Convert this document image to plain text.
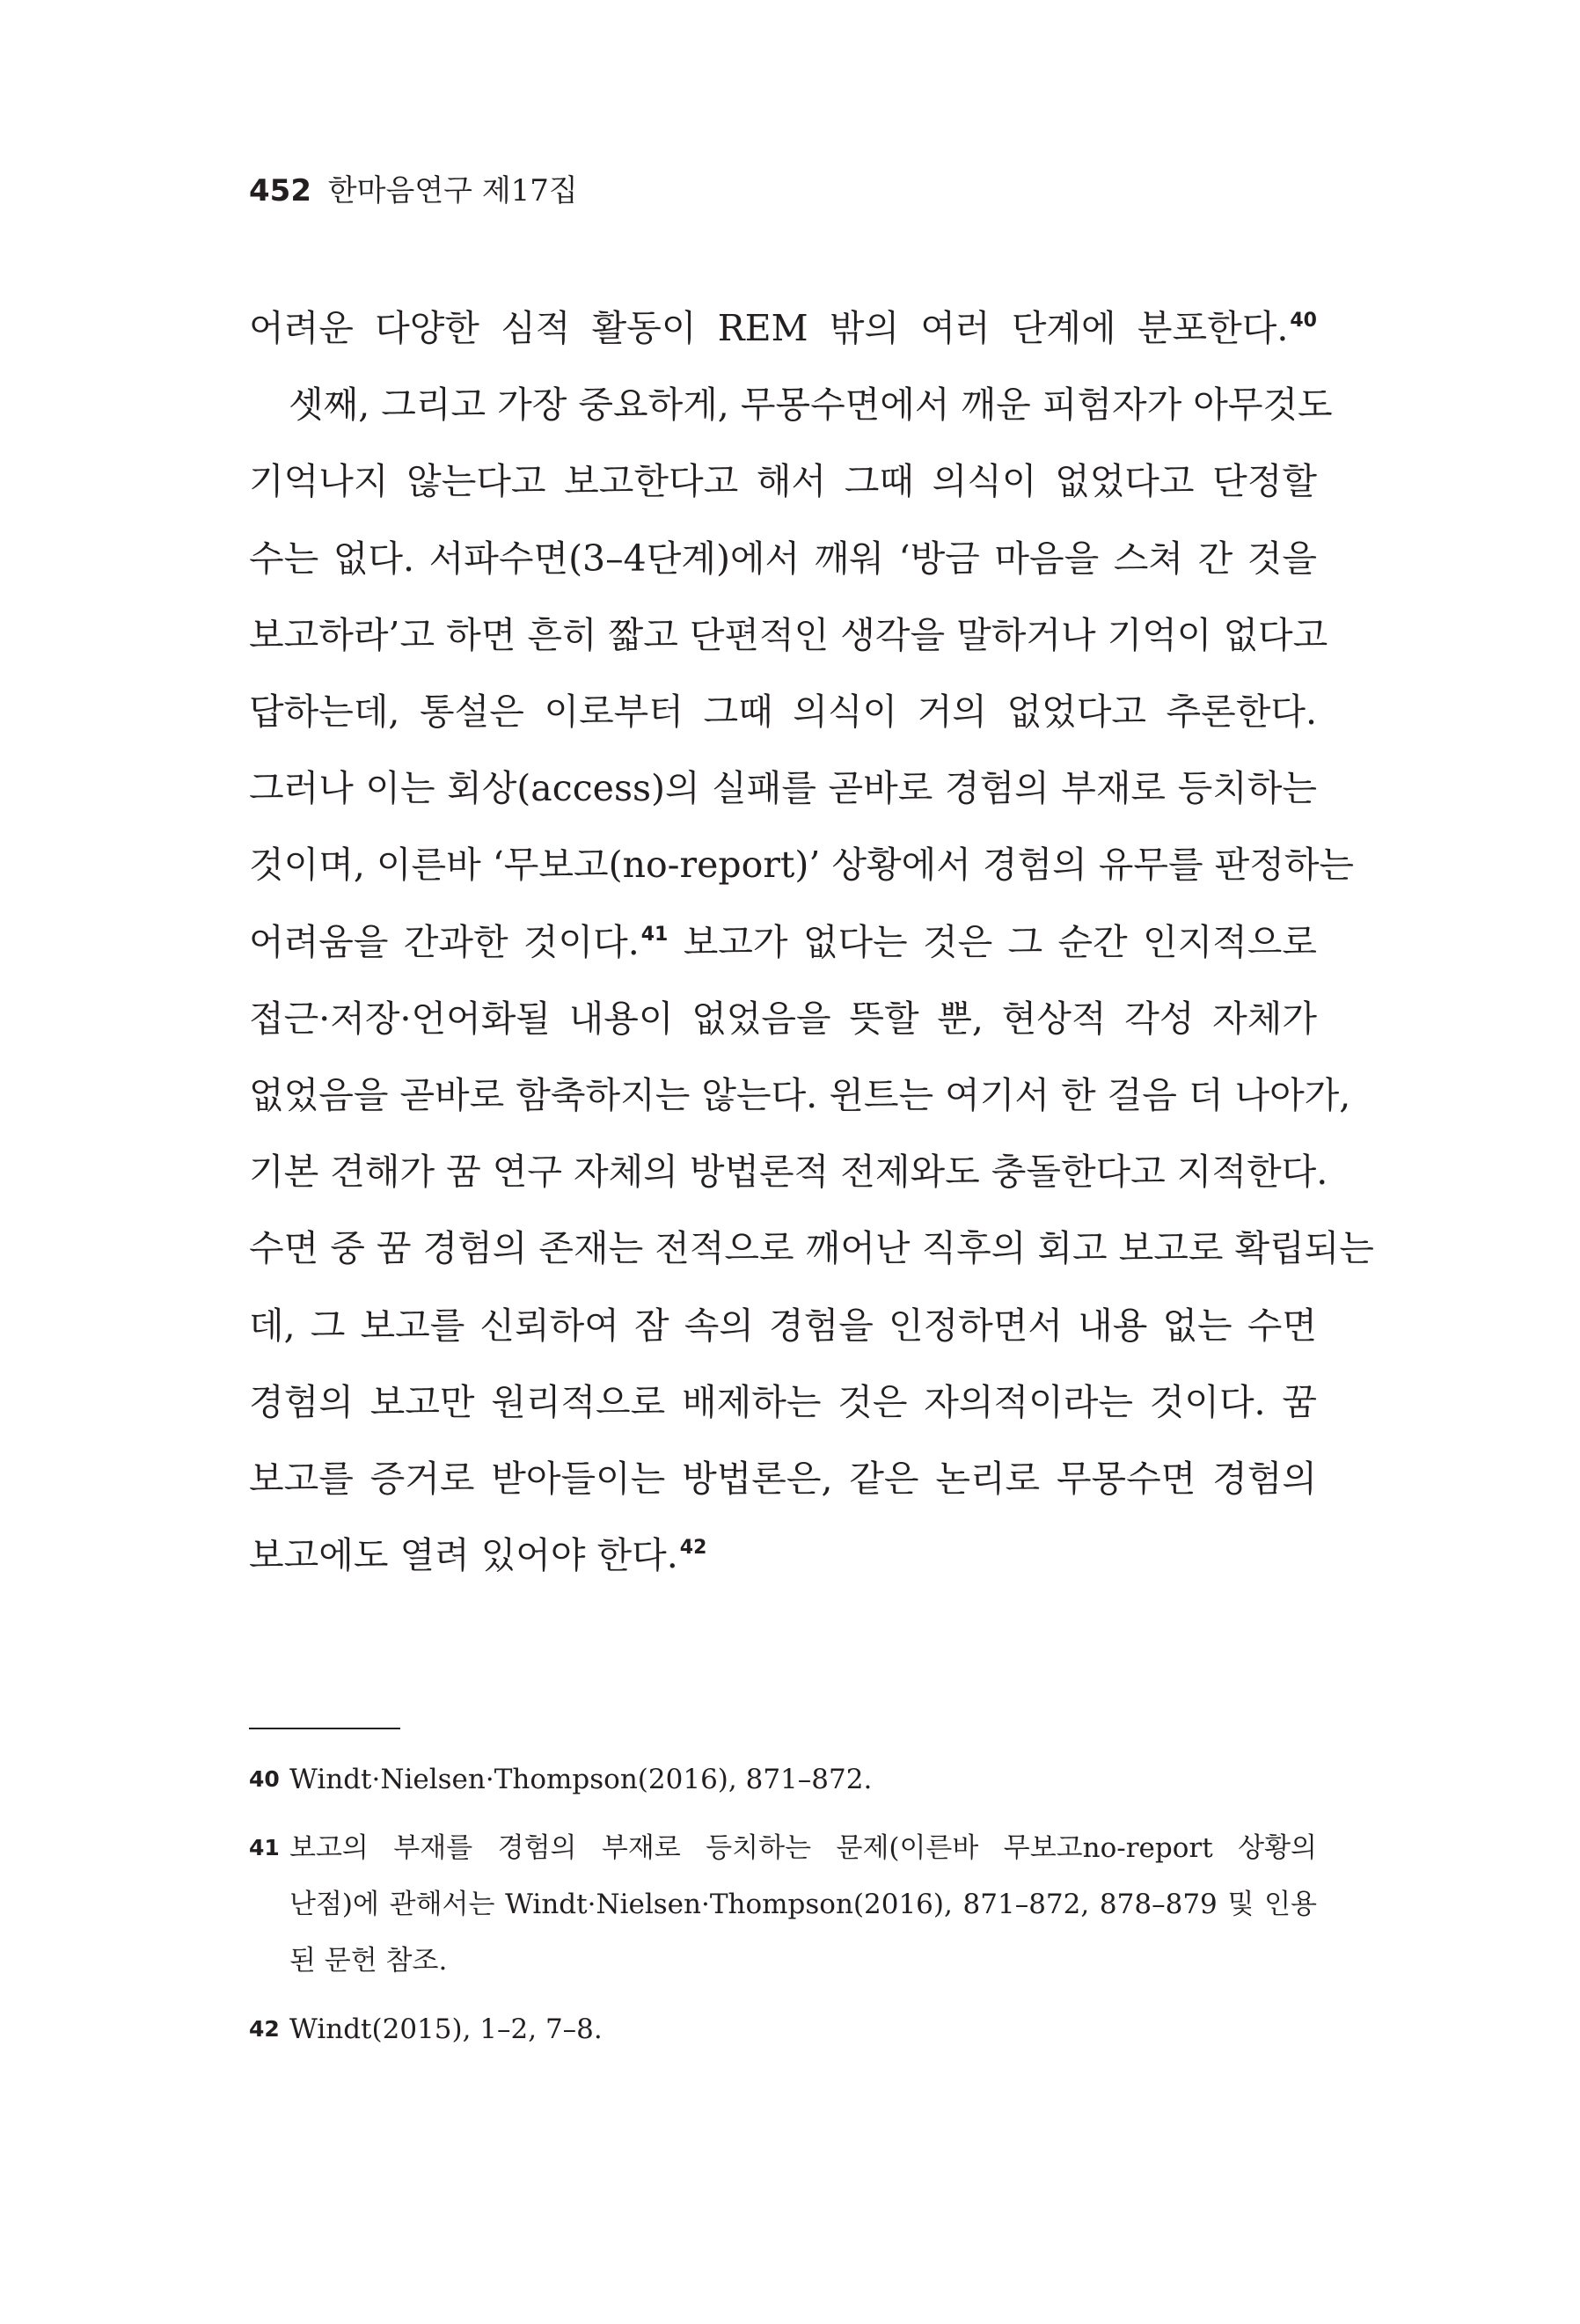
452 한마음연구 제17집
어려운 다양한 심적 활동이 REM 밖의 여러 단계에 분포한다.$^{40}$
셋째, 그리고 가장 중요하게, 무몽수면에서 깨운 피험자가 아무것도
기억나지 않는다고 보고한다고 해서 그때 의식이 없었다고 단정할
수는 없다. 서파수면(3–4단계)에서 깨워 ‘방금 마음을 스쳐 간 것을
보고하라’고 하면 흔히 짧고 단편적인 생각을 말하거나 기억이 없다고
답하는데, 통설은 이로부터 그때 의식이 거의 없었다고 추론한다.
그러나 이는 회상(access)의 실패를 곧바로 경험의 부재로 등치하는
것이며, 이른바 ‘무보고(no-report)’ 상황에서 경험의 유무를 판정하는
어려움을 간과한 것이다.$^{41}$ 보고가 없다는 것은 그 순간 인지적으로
접근·저장·언어화될 내용이 없었음을 뜻할 뿐, 현상적 각성 자체가
없었음을 곧바로 함축하지는 않는다. 윈트는 여기서 한 걸음 더 나아가,
기본 견해가 꿈 연구 자체의 방법론적 전제와도 충돌한다고 지적한다.
수면 중 꿈 경험의 존재는 전적으로 깨어난 직후의 회고 보고로 확립되는
데, 그 보고를 신뢰하여 잠 속의 경험을 인정하면서 내용 없는 수면
경험의 보고만 원리적으로 배제하는 것은 자의적이라는 것이다. 꿈
보고를 증거로 받아들이는 방법론은, 같은 논리로 무몽수면 경험의
보고에도 열려 있어야 한다.$^{42}$
40 Windt·Nielsen·Thompson(2016), 871–872.
41 보고의 부재를 경험의 부재로 등치하는 문제(이른바 무보고no-report 상황의
난점)에 관해서는 Windt·Nielsen·Thompson(2016), 871–872, 878–879 및 인용
된 문헌 참조.
42 Windt(2015), 1–2, 7–8.
